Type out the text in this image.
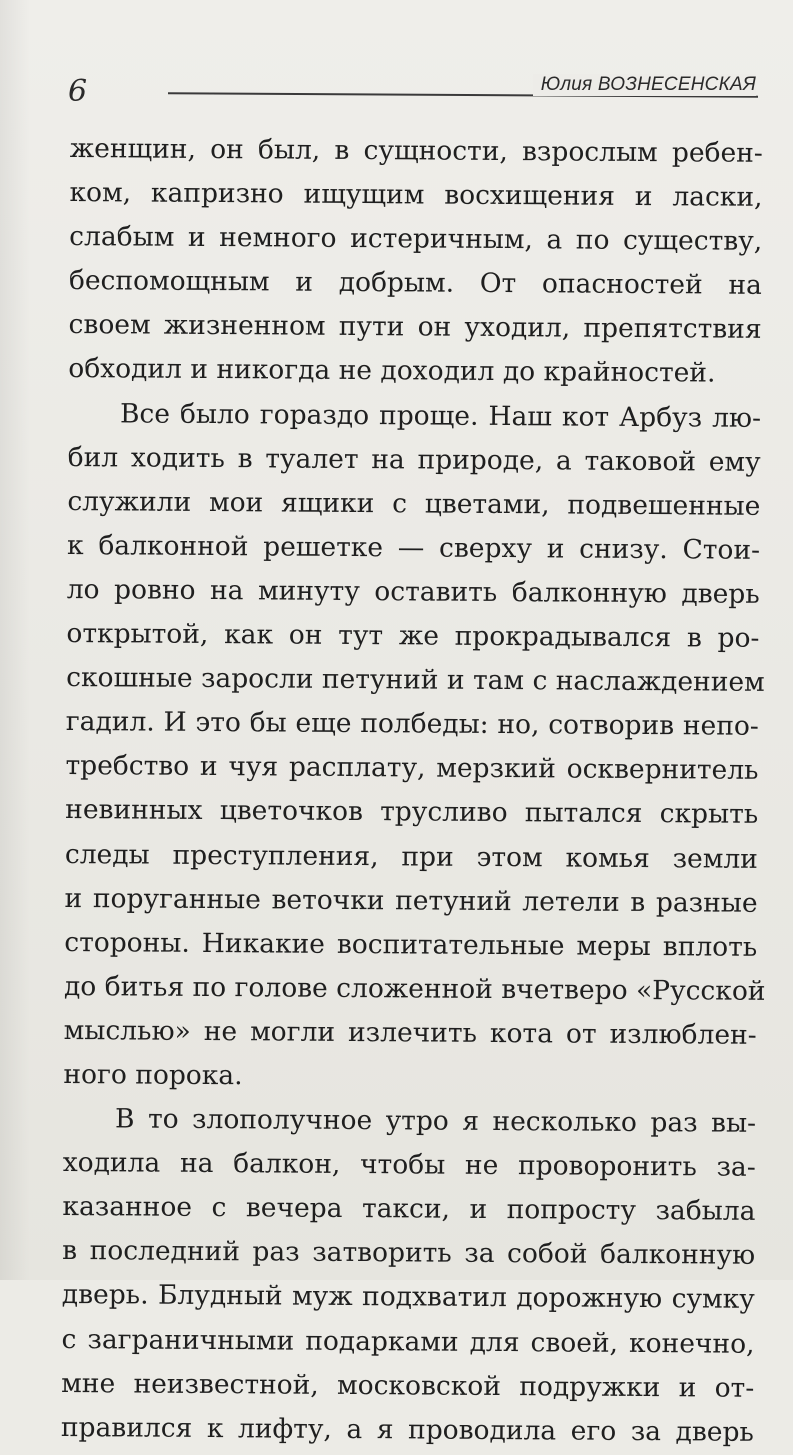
6	Юлия ВОЗНЕСЕНСКАЯ
женщин, он был, в сущности, взрослым ребен-
ком, капризно ищущим восхищения и ласки,
слабым и немного истеричным, а по существу,
беспомощным и добрым. От опасностей на
своем жизненном пути он уходил, препятствия
обходил и никогда не доходил до крайностей.
Все было гораздо проще. Наш кот Арбуз лю-
бил ходить в туалет на природе, а таковой ему
служили мои ящики с цветами, подвешенные
к балконной решетке — сверху и снизу. Стои-
ло ровно на минуту оставить балконную дверь
открытой, как он тут же прокрадывался в ро-
скошные заросли петуний и там с наслаждением
гадил. И это бы еще полбеды: но, сотворив непо-
требство и чуя расплату, мерзкий осквернитель
невинных цветочков трусливо пытался скрыть
следы преступления, при этом комья земли
и поруганные веточки петуний летели в разные
стороны. Никакие воспитательные меры вплоть
до битья по голове сложенной вчетверо «Русской
мыслью» не могли излечить кота от излюблен-
ного порока.
В то злополучное утро я несколько раз вы-
ходила на балкон, чтобы не проворонить за-
казанное с вечера такси, и попросту забыла
в последний раз затворить за собой балконную
дверь. Блудный муж подхватил дорожную сумку
с заграничными подарками для своей, конечно,
мне неизвестной, московской подружки и от-
правился к лифту, а я проводила его за дверь
